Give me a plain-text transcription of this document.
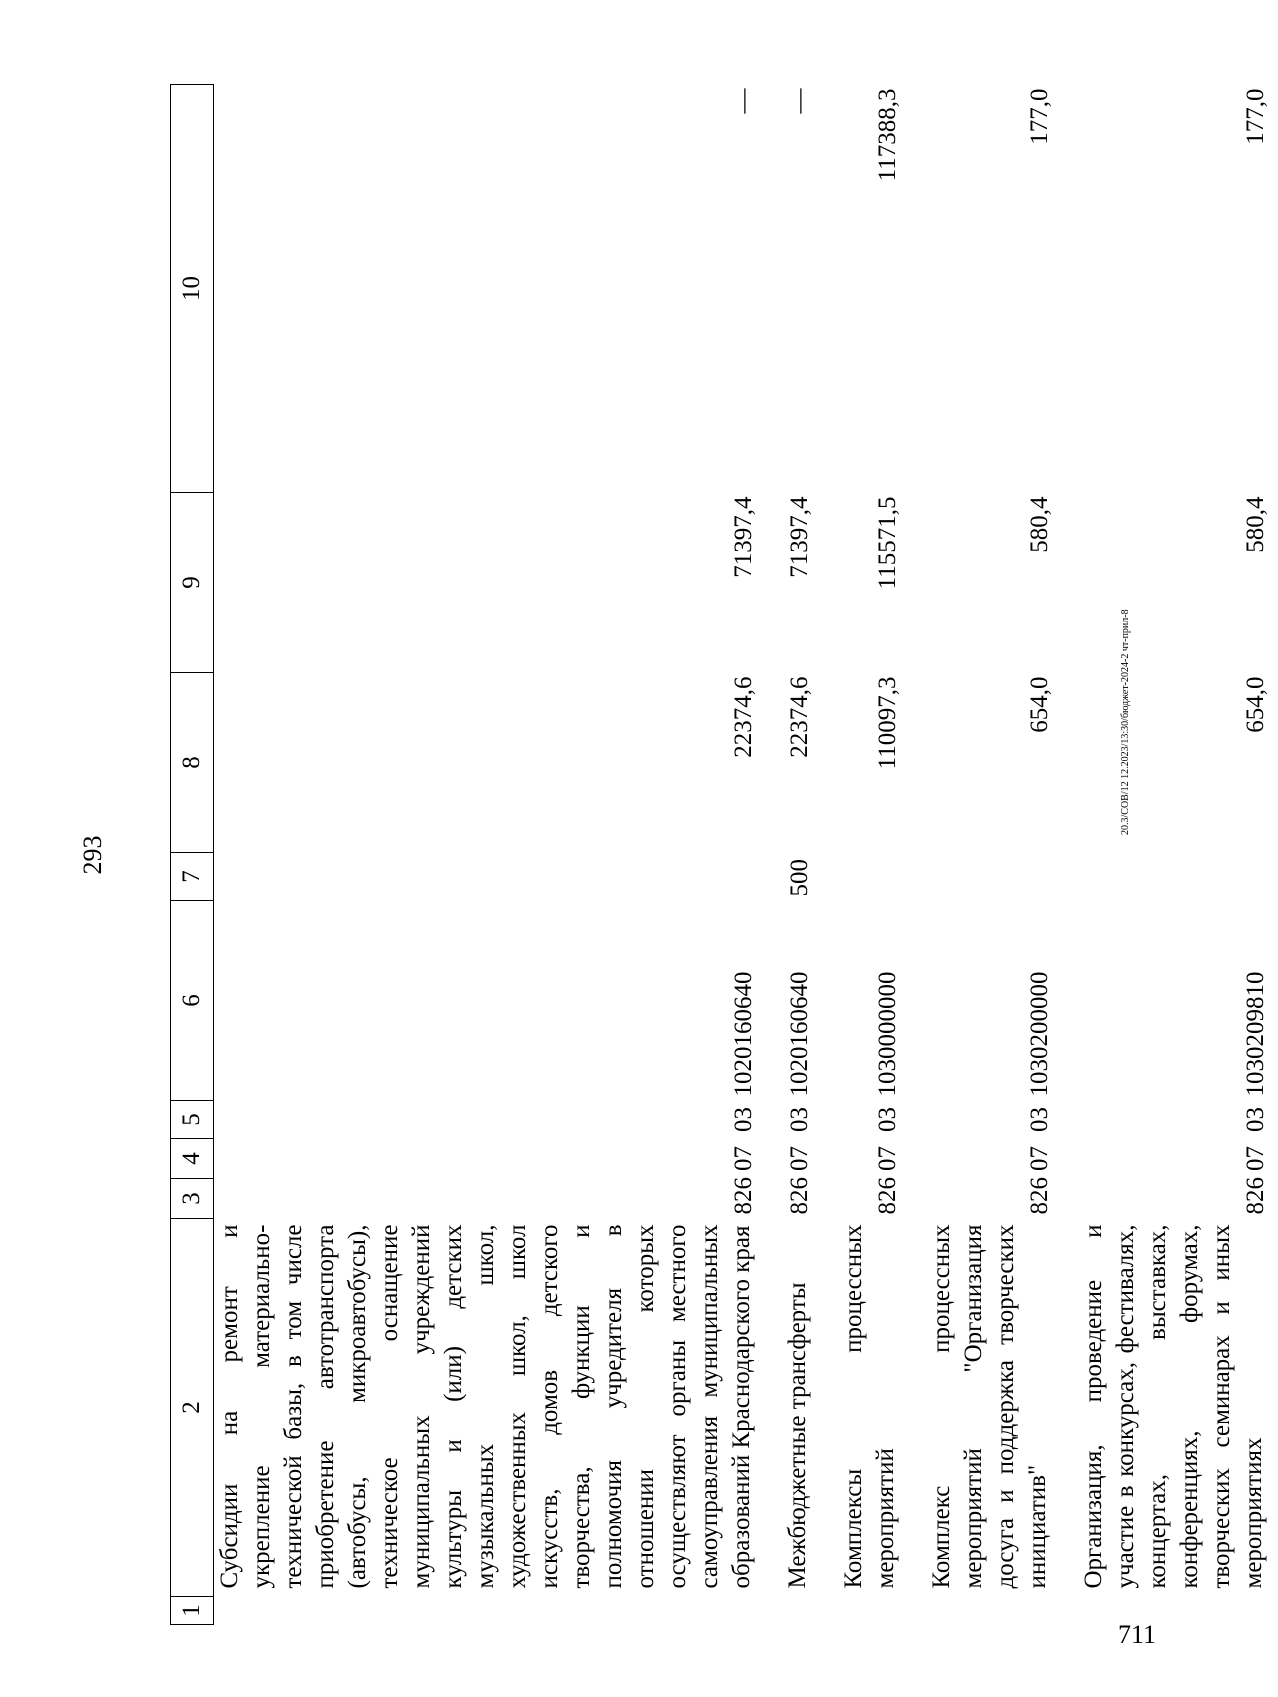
293
1	2	3	4	5	6	7	8	9	10
	Субсидии на ремонт и укрепление материально-технической базы, в том числе приобретение автотранспорта (автобусы, микроавтобусы), техническое оснащение муниципальных учреждений культуры и (или) детских музыкальных школ, художественных школ, школ искусств, домов детского творчества, функции и полномочия учредителя в отношении которых осуществляют органы местного самоуправления муниципальных образований Краснодарского края	826	07	03	1020160640		22374,6	71397,4	—

	Межбюджетные трансферты	826	07	03	1020160640	500	22374,6	71397,4	—

	Комплексы процессных мероприятий	826	07	03	1030000000		110097,3	115571,5	117388,3

	Комплекс процессных мероприятий "Организация досуга и поддержка творческих инициатив"	826	07	03	1030200000		654,0	580,4	177,0

	Организация, проведение и участие в конкурсах, фестивалях, концертах, выставках, конференциях, форумах, творческих семинарах и иных мероприятиях	826	07	03	1030209810		654,0	580,4	177,0
20.3/СОВ/12 12.2023/13:30/бюджет-2024-2 чт-прил-8
711
